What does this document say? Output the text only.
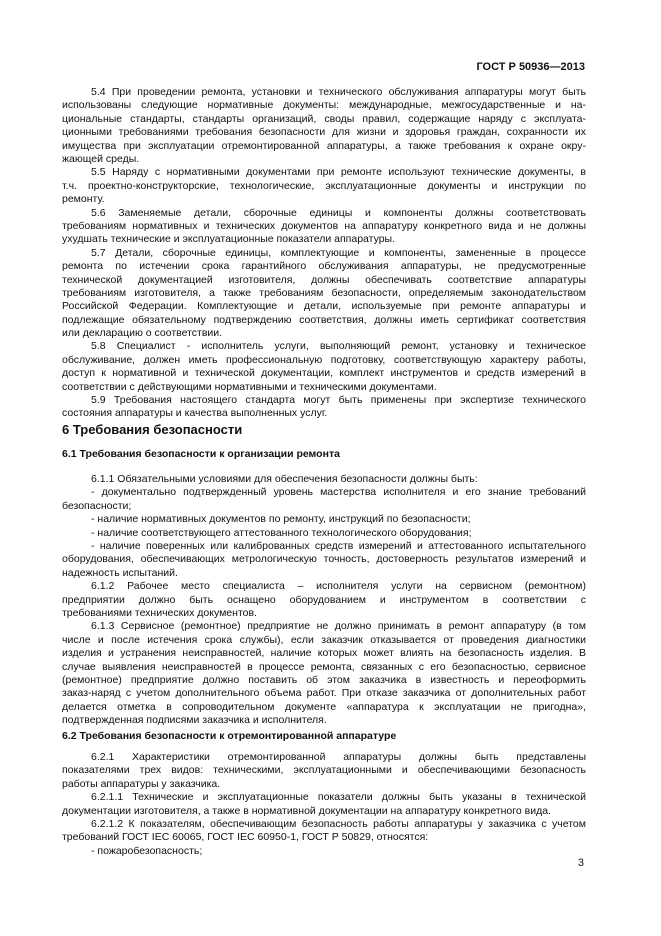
ГОСТ Р 50936—2013
5.4 При проведении ремонта, установки и технического обслуживания аппаратуры могут быть
использованы следующие нормативные документы: международные, межгосударственные и на-
циональные стандарты, стандарты организаций, своды правил, содержащие наряду с эксплуата-
ционными требованиями требования безопасности для жизни и здоровья граждан, сохранности их
имущества при эксплуатации отремонтированной аппаратуры, а также требования к охране окру-
жающей среды.
5.5 Наряду с нормативными документами при ремонте используют технические документы, в
т.ч. проектно-конструкторские, технологические, эксплуатационные документы и инструкции по
ремонту.
5.6 Заменяемые детали, сборочные единицы и компоненты должны соответствовать
требованиям нормативных и технических документов на аппаратуру конкретного вида и не должны
ухудшать технические и эксплуатационные показатели аппаратуры.
5.7 Детали, сборочные единицы, комплектующие и компоненты, замененные в процессе
ремонта по истечении срока гарантийного обслуживания аппаратуры, не предусмотренные
технической документацией изготовителя, должны обеспечивать соответствие аппаратуры
требованиям изготовителя, а также требованиям безопасности, определяемым законодательством
Российской Федерации. Комплектующие и детали, используемые при ремонте аппаратуры и
подлежащие обязательному подтверждению соответствия, должны иметь сертификат соответствия
или декларацию о соответствии.
5.8 Специалист - исполнитель услуги, выполняющий ремонт, установку и техническое
обслуживание, должен иметь профессиональную подготовку, соответствующую характеру работы,
доступ к нормативной и технической документации, комплект инструментов и средств измерений в
соответствии с действующими нормативными и техническими документами.
5.9 Требования настоящего стандарта могут быть применены при экспертизе технического
состояния аппаратуры и качества выполненных услуг.
6 Требования безопасности
6.1 Требования безопасности к организации ремонта
6.1.1 Обязательными условиями для обеспечения безопасности должны быть:
- документально подтвержденный уровень мастерства исполнителя и его знание требований
безопасности;
- наличие нормативных документов по ремонту, инструкций по безопасности;
- наличие соответствующего аттестованного технологического оборудования;
- наличие поверенных или калиброванных средств измерений и аттестованного испытательного
оборудования, обеспечивающих метрологическую точность, достоверность результатов измерений и
надежность испытаний.
6.1.2 Рабочее место специалиста – исполнителя услуги на сервисном (ремонтном)
предприятии должно быть оснащено оборудованием и инструментом в соответствии с
требованиями технических документов.
6.1.3 Сервисное (ремонтное) предприятие не должно принимать в ремонт аппаратуру (в том
числе и после истечения срока службы), если заказчик отказывается от проведения диагностики
изделия и устранения неисправностей, наличие которых может влиять на безопасность изделия. В
случае выявления неисправностей в процессе ремонта, связанных с его безопасностью, сервисное
(ремонтное) предприятие должно поставить об этом заказчика в известность и переоформить
заказ-наряд с учетом дополнительного объема работ. При отказе заказчика от дополнительных работ
делается отметка в сопроводительном документе «аппаратура к эксплуатации не пригодна»,
подтвержденная подписями заказчика и исполнителя.
6.2 Требования безопасности к отремонтированной аппаратуре
6.2.1 Характеристики отремонтированной аппаратуры должны быть представлены
показателями трех видов: техническими, эксплуатационными и обеспечивающими безопасность
работы аппаратуры у заказчика.
6.2.1.1 Технические и эксплуатационные показатели должны быть указаны в технической
документации изготовителя, а также в нормативной документации на аппаратуру конкретного вида.
6.2.1.2 К показателям, обеспечивающим безопасность работы аппаратуры у заказчика с учетом
требований ГОСТ IEC 60065, ГОСТ IEC 60950-1, ГОСТ Р 50829, относятся:
- пожаробезопасность;
3
